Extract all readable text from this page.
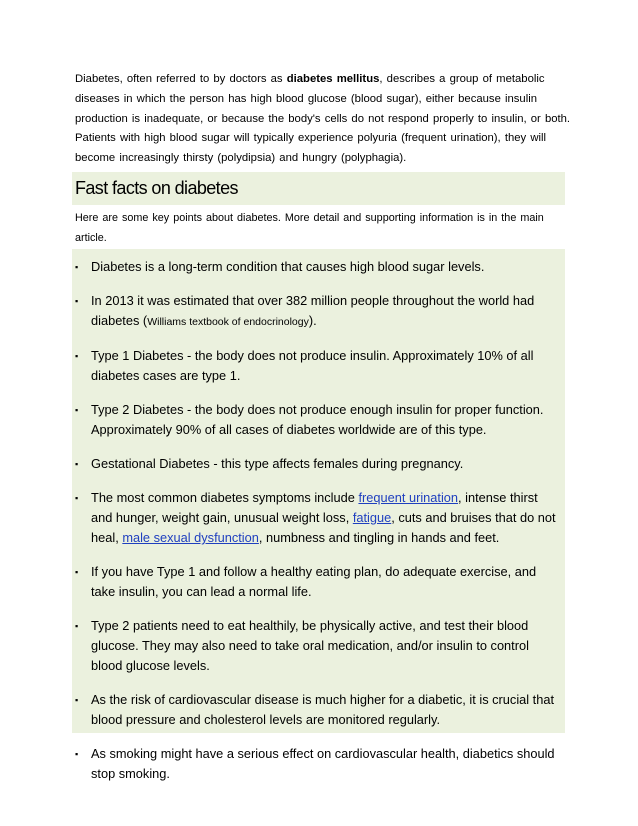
Diabetes, often referred to by doctors as diabetes mellitus, describes a group of metabolic diseases in which the person has high blood glucose (blood sugar), either because insulin production is inadequate, or because the body's cells do not respond properly to insulin, or both. Patients with high blood sugar will typically experience polyuria (frequent urination), they will become increasingly thirsty (polydipsia) and hungry (polyphagia).
Fast facts on diabetes
Here are some key points about diabetes. More detail and supporting information is in the main article.
▪ Diabetes is a long-term condition that causes high blood sugar levels.
▪ In 2013 it was estimated that over 382 million people throughout the world had diabetes (Williams textbook of endocrinology).
▪ Type 1 Diabetes - the body does not produce insulin. Approximately 10% of all diabetes cases are type 1.
▪ Type 2 Diabetes - the body does not produce enough insulin for proper function. Approximately 90% of all cases of diabetes worldwide are of this type.
▪ Gestational Diabetes - this type affects females during pregnancy.
▪ The most common diabetes symptoms include frequent urination, intense thirst and hunger, weight gain, unusual weight loss, fatigue, cuts and bruises that do not heal, male sexual dysfunction, numbness and tingling in hands and feet.
▪ If you have Type 1 and follow a healthy eating plan, do adequate exercise, and take insulin, you can lead a normal life.
▪ Type 2 patients need to eat healthily, be physically active, and test their blood glucose. They may also need to take oral medication, and/or insulin to control blood glucose levels.
▪ As the risk of cardiovascular disease is much higher for a diabetic, it is crucial that blood pressure and cholesterol levels are monitored regularly.
▪ As smoking might have a serious effect on cardiovascular health, diabetics should stop smoking.
